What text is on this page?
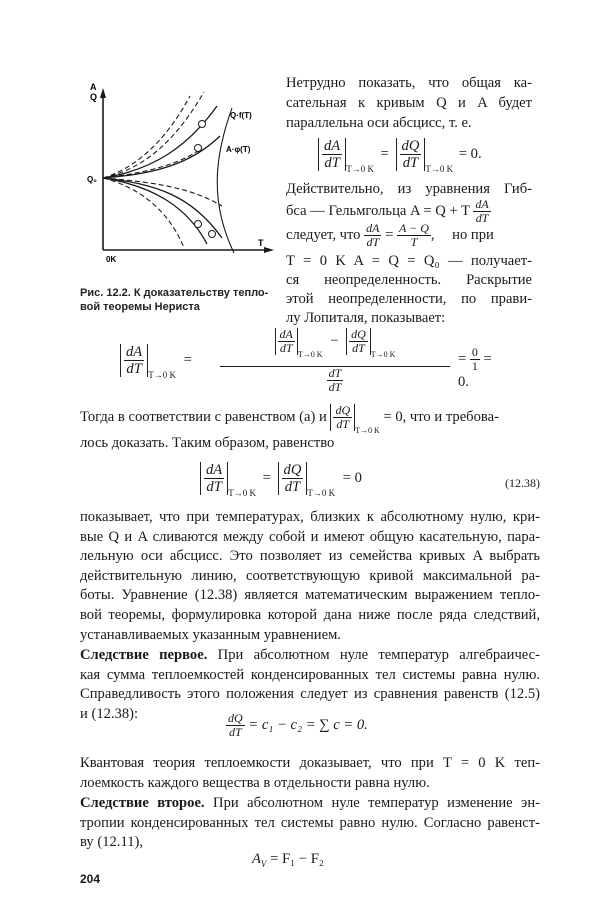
A
Q
T
0K
Q₀
Q·f(T)
A·φ(T)
Рис. 12.2. К доказательству тепло-
вой теоремы Нериста
Нетрудно показать, что общая ка-
сательная к кривым Q и A будет
параллельна оси абсцисс, т. е.
$\frac{dA}{dT} _{T\to 0 K} = \frac{dQ}{dT} _{T\to 0 K} = 0$.
Действительно, из уравнения Гиб-
бса — Гельмгольца A = Q + T $\frac{dA}{dT}$
следует, что $\frac{dA}{dT} = \frac{A - Q}{T}$ , но при
T = 0 K A = Q = Q₀ — получает-
ся неопределенность. Раскрытие
этой неопределенности, по прави-
лу Лопиталя, показывает:
$\frac{dA}{dT} _{T\to 0 K}$ =
$\frac{dA}{dT} _{T\to 0 K} - \frac{dQ}{dT} _{T\to 0 K}$
$\frac{dT}{dT}$
= $\frac{0}{1} = 0$.
Тогда в соответствии с равенством (а) и $\frac{dQ}{dT} _{T\to 0 K} = 0$, что и требова-
лось доказать. Таким образом, равенство
$\frac{dA}{dT} _{T\to 0 K} = \frac{dQ}{dT} _{T\to 0 K} = 0$	(12.38)
показывает, что при температурах, близких к абсолютному нулю, кри-
вые Q и A сливаются между собой и имеют общую касательную, пара-
лельную оси абсцисс. Это позволяет из семейства кривых A выбрать
действительную линию, соответствующую кривой максимальной ра-
боты. Уравнение (12.38) является математическим выражением тепло-
вой теоремы, формулировка которой дана ниже после ряда следствий,
устанавливаемых указанным уравнением.
Следствие первое. При абсолютном нуле температур алгебраичес-
кая сумма теплоемкостей конденсированных тел системы равна нулю.
Справедливость этого положения следует из сравнения равенств (12.5)
и (12.38):	$\frac{dQ}{dT} = c_1 - c_2$ = ∑ c = 0.
Квантовая теория теплоемкости доказывает, что при T = 0 K теп-
лоемкость каждого вещества в отдельности равна нулю.
Следствие второе. При абсолютном нуле температур изменение эн-
тропии конденсированных тел системы равно нулю. Согласно равенст-
ву (12.11),
$A_V = F_1 - F_2$
204
